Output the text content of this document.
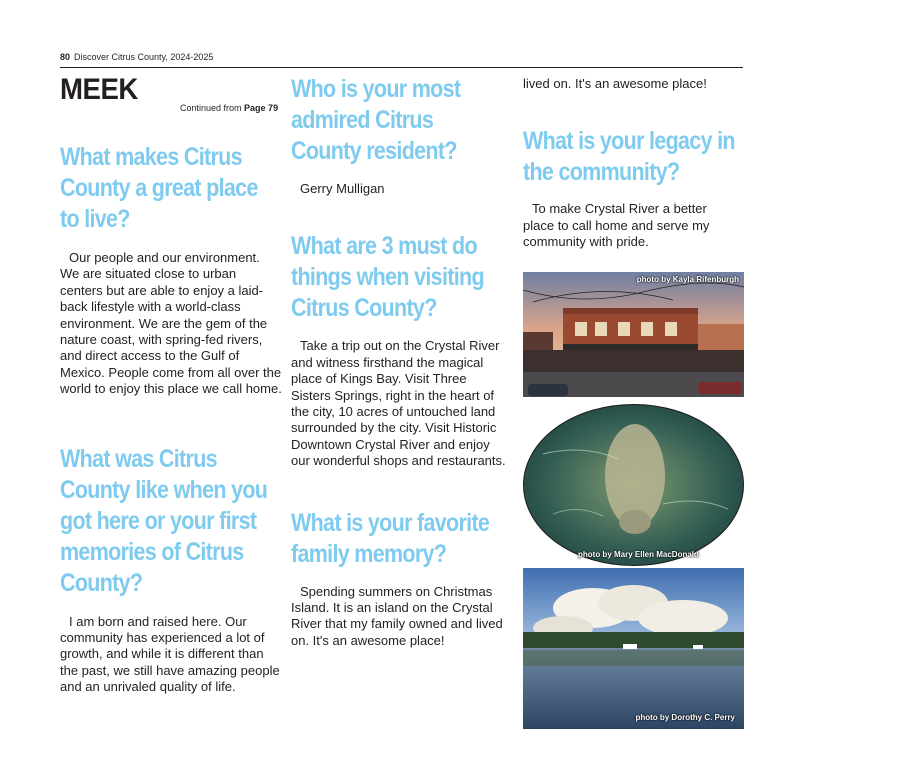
80 Discover Citrus County, 2024-2025
MEEK
What makes Citrus County a great place to live?

Our people and our environment. We are situated close to urban centers but are able to enjoy a laid-back lifestyle with a world-class environment. We are the gem of the nature coast, with spring-fed rivers, and direct access to the Gulf of Mexico. People come from all over the world to enjoy this place we call home.

What was Citrus County like when you got here or your first memories of Citrus County?

I am born and raised here. Our community has experienced a lot of growth, and while it is different than the past, we still have amazing people and an unrivaled quality of life.

Continued from Page 79
Who is your most admired Citrus County resident?

Gerry Mulligan

What are 3 must do things when visiting Citrus County?

Take a trip out on the Crystal River and witness firsthand the magical place of Kings Bay. Visit Three Sisters Springs, right in the heart of the city, 10 acres of untouched land surrounded by the city. Visit Historic Downtown Crystal River and enjoy our wonderful shops and restaurants.

What is your favorite family memory?

Spending summers on Christmas Island. It is an island on the Crystal River that my family owned and lived on. It's an awesome place!

lived on. It's an awesome place!

What is your legacy in the community?

To make Crystal River a better place to call home and serve my community with pride.

photo by Kayla Rifenburgh
photo by Mary Ellen MacDonald
photo by Dorothy C. Perry
